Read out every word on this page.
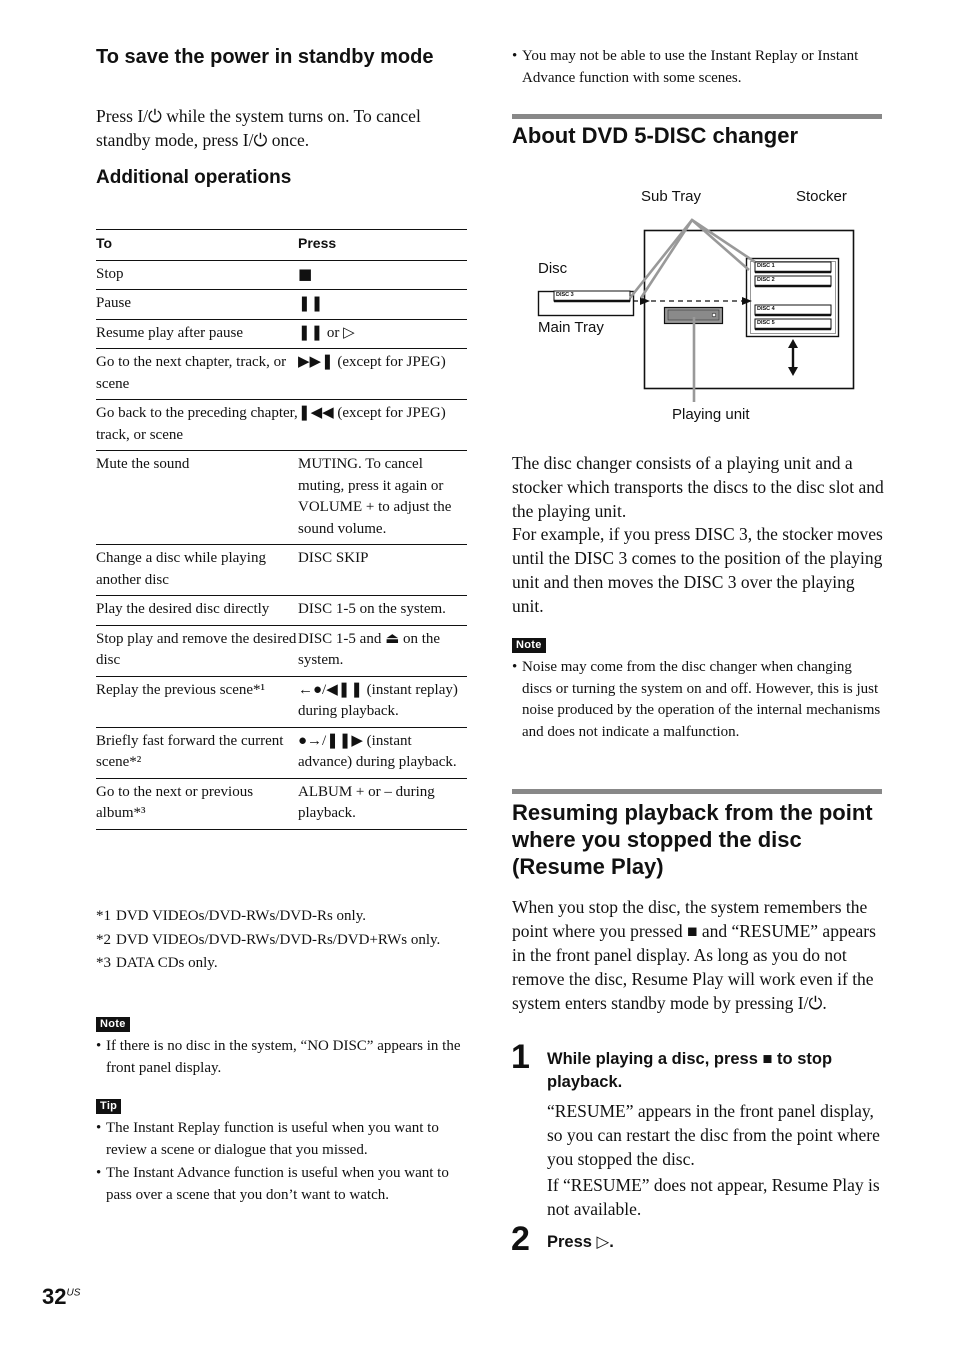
To save the power in standby mode
Press I/⏻ while the system turns on. To cancel standby mode, press I/⏻ once.
Additional operations
To	Press
Stop	■
Pause	❚❚
Resume play after pause	❚❚ or ▷
Go to the next chapter, track, or scene	▶▶❚ (except for JPEG)
Go back to the preceding chapter, track, or scene	❚◀◀ (except for JPEG)
Mute the sound	MUTING. To cancel muting, press it again or VOLUME + to adjust the sound volume.
Change a disc while playing another disc	DISC SKIP
Play the desired disc directly	DISC 1-5 on the system.
Stop play and remove the desired disc	DISC 1-5 and ⏏ on the system.
Replay the previous scene*¹	←●/◀❚❚ (instant replay) during playback.
Briefly fast forward the current scene*²	●→/❚❚▶ (instant advance) during playback.
Go to the next or previous album*³	ALBUM + or – during playback.
*1 DVD VIDEOs/DVD-RWs/DVD-Rs only.
*2 DVD VIDEOs/DVD-RWs/DVD-Rs/DVD+RWs only.
*3 DATA CDs only.
Note
• If there is no disc in the system, “NO DISC” appears in the front panel display.
Tip
• The Instant Replay function is useful when you want to review a scene or dialogue that you missed.
• The Instant Advance function is useful when you want to pass over a scene that you don’t want to watch.
• You may not be able to use the Instant Replay or Instant Advance function with some scenes.
About DVD 5-DISC changer
Sub Tray	Stocker
Disc
Main Tray
Playing unit
DISC 1
DISC 2
DISC 4
DISC 5
DISC 3
The disc changer consists of a playing unit and a stocker which transports the discs to the disc slot and the playing unit.
For example, if you press DISC 3, the stocker moves until the DISC 3 comes to the position of the playing unit and then moves the DISC 3 over the playing unit.
Note
• Noise may come from the disc changer when changing discs or turning the system on and off. However, this is just noise produced by the operation of the internal mechanisms and does not indicate a malfunction.
Resuming playback from the point where you stopped the disc (Resume Play)
When you stop the disc, the system remembers the point where you pressed ■ and “RESUME” appears in the front panel display. As long as you do not remove the disc, Resume Play will work even if the system enters standby mode by pressing I/⏻.
1 While playing a disc, press ■ to stop playback.
“RESUME” appears in the front panel display, so you can restart the disc from the point where you stopped the disc.
If “RESUME” does not appear, Resume Play is not available.
2 Press ▷.
$32^{US}$
